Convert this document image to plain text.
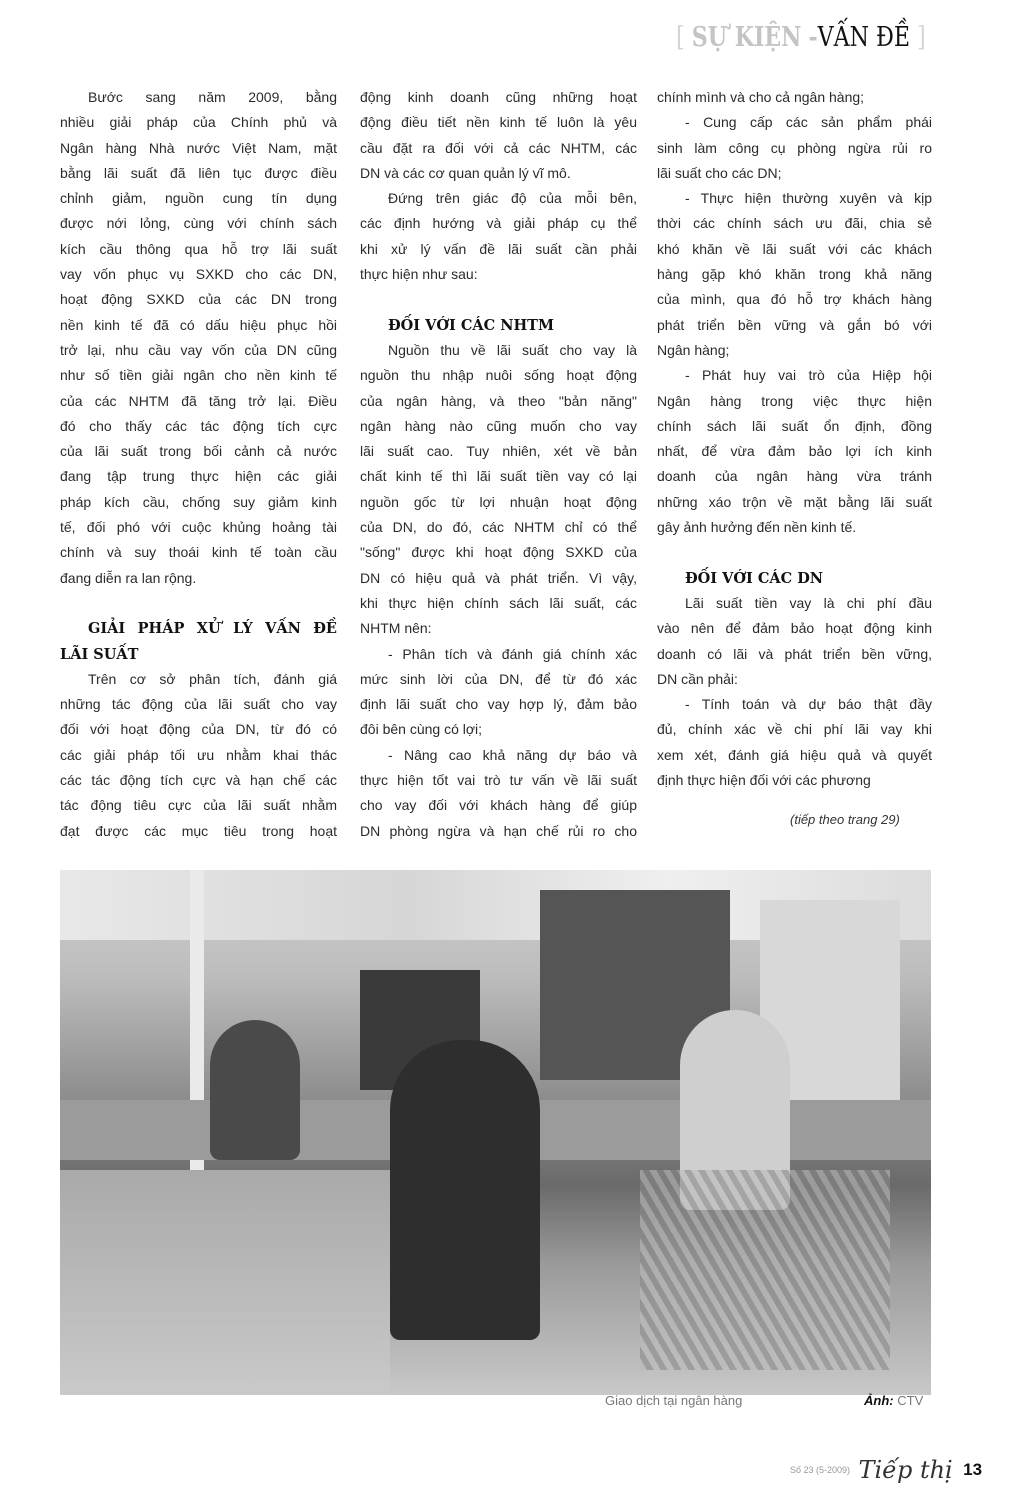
[ SỰ KIỆN -VẤN ĐỀ ]
Bước sang năm 2009, bằng
nhiều giải pháp của Chính phủ và
Ngân hàng Nhà nước Việt Nam, mặt
bằng lãi suất đã liên tục được điều
chỉnh giảm, nguồn cung tín dụng
được nới lỏng, cùng với chính sách
kích cầu thông qua hỗ trợ lãi suất
vay vốn phục vụ SXKD cho các DN,
hoạt động SXKD của các DN trong
nền kinh tế đã có dấu hiệu phục hồi
trở lại, nhu cầu vay vốn của DN cũng
như số tiền giải ngân cho nền kinh tế
của các NHTM đã tăng trở lại. Điều
đó cho thấy các tác động tích cực
của lãi suất trong bối cảnh cả nước
đang tập trung thực hiện các giải
pháp kích cầu, chống suy giảm kinh
tế, đối phó với cuộc khủng hoảng tài
chính và suy thoái kinh tế toàn cầu
đang diễn ra lan rộng.
GIẢI PHÁP XỬ LÝ VẤN ĐỀ
LÃI SUẤT
Trên cơ sở phân tích, đánh giá
những tác động của lãi suất cho vay
đối với hoạt động của DN, từ đó có
các giải pháp tối ưu nhằm khai thác
các tác động tích cực và hạn chế các
tác động tiêu cực của lãi suất nhằm
đạt được các mục tiêu trong hoạt
động kinh doanh cũng những hoạt
động điều tiết nền kinh tế luôn là yêu
cầu đặt ra đối với cả các NHTM, các
DN và các cơ quan quản lý vĩ mô.
Đứng trên giác độ của mỗi bên,
các định hướng và giải pháp cụ thể
khi xử lý vấn đề lãi suất cần phải
thực hiện như sau:
ĐỐI VỚI CÁC NHTM
Nguồn thu về lãi suất cho vay là
nguồn thu nhập nuôi sống hoạt động
của ngân hàng, và theo "bản năng"
ngân hàng nào cũng muốn cho vay
lãi suất cao. Tuy nhiên, xét về bản
chất kinh tế thì lãi suất tiền vay có lại
nguồn gốc từ lợi nhuận hoạt động
của DN, do đó, các NHTM chỉ có thể
"sống" được khi hoạt động SXKD của
DN có hiệu quả và phát triển. Vì vậy,
khi thực hiện chính sách lãi suất, các
NHTM nên:
- Phân tích và đánh giá chính xác
mức sinh lời của DN, để từ đó xác
định lãi suất cho vay hợp lý, đảm bảo
đôi bên cùng có lợi;
- Nâng cao khả năng dự báo và
thực hiện tốt vai trò tư vấn về lãi suất
cho vay đối với khách hàng để giúp
DN phòng ngừa và hạn chế rủi ro cho
chính mình và cho cả ngân hàng;
- Cung cấp các sản phẩm phái
sinh làm công cụ phòng ngừa rủi ro
lãi suất cho các DN;
- Thực hiện thường xuyên và kịp
thời các chính sách ưu đãi, chia sẻ
khó khăn về lãi suất với các khách
hàng gặp khó khăn trong khả năng
của mình, qua đó hỗ trợ khách hàng
phát triển bền vững và gắn bó với
Ngân hàng;
- Phát huy vai trò của Hiệp hội
Ngân hàng trong việc thực hiện
chính sách lãi suất ổn định, đồng
nhất, để vừa đảm bảo lợi ích kinh
doanh của ngân hàng vừa tránh
những xáo trộn về mặt bằng lãi suất
gây ảnh hưởng đến nền kinh tế.
ĐỐI VỚI CÁC DN
Lãi suất tiền vay là chi phí đầu
vào nên để đảm bảo hoạt động kinh
doanh có lãi và phát triển bền vững,
DN cần phải:
- Tính toán và dự báo thật đầy
đủ, chính xác về chi phí lãi vay khi
xem xét, đánh giá hiệu quả và quyết
định thực hiện đối với các phương
(tiếp theo trang 29)
Giao dịch tại ngân hàng	Ảnh: CTV
Số 23 (5-2009) Tiếp thị 13
